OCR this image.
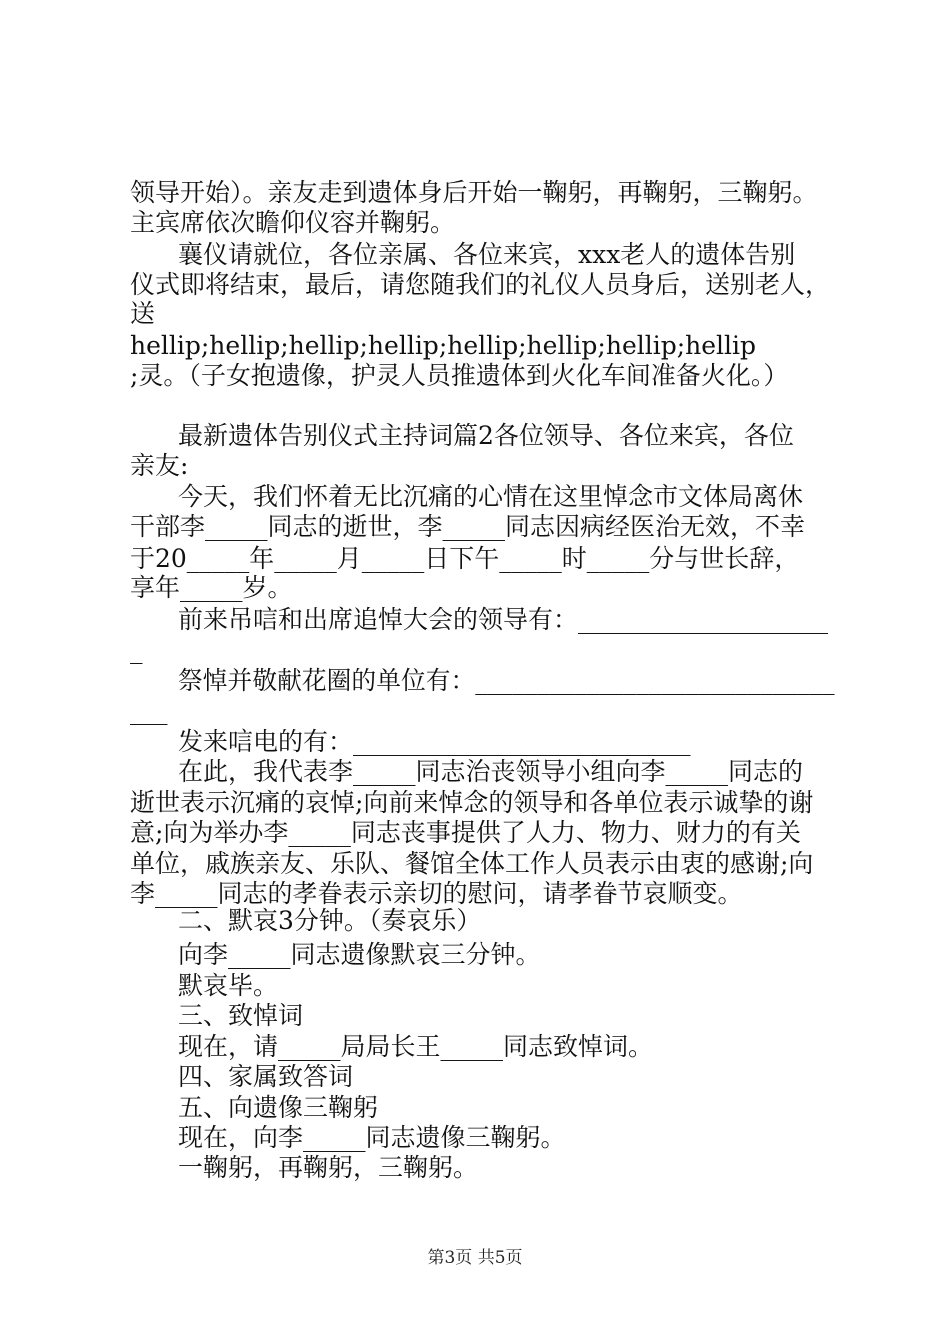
领导开始）。亲友走到遗体身后开始一鞠躬，再鞠躬，三鞠躬。
主宾席依次瞻仰仪容并鞠躬。
襄仪请就位，各位亲属、各位来宾，xxx老人的遗体告别
仪式即将结束，最后，请您随我们的礼仪人员身后，送别老人，
送
hellip;hellip;hellip;hellip;hellip;hellip;hellip;hellip
;灵。（子女抱遗像，护灵人员推遗体到火化车间准备火化。）
最新遗体告别仪式主持词篇2各位领导、各位来宾，各位
亲友:
今天，我们怀着无比沉痛的心情在这里悼念市文体局离休
干部李_____同志的逝世，李_____同志因病经医治无效，不幸
于20_____年_____月_____日下午_____时_____分与世长辞，
享年_____岁。
前来吊唁和出席追悼大会的领导有：____________________
_
祭悼并敬献花圈的单位有：_____________________________
___
发来唁电的有：___________________________
在此，我代表李_____同志治丧领导小组向李_____同志的
逝世表示沉痛的哀悼;向前来悼念的领导和各单位表示诚挚的谢
意;向为举办李_____同志丧事提供了人力、物力、财力的有关
单位，戚族亲友、乐队、餐馆全体工作人员表示由衷的感谢;向
李_____同志的孝眷表示亲切的慰问，请孝眷节哀顺变。
二、默哀3分钟。（奏哀乐）
向李_____同志遗像默哀三分钟。
默哀毕。
三、致悼词
现在，请_____局局长王_____同志致悼词。
四、家属致答词
五、向遗像三鞠躬
现在，向李_____同志遗像三鞠躬。
一鞠躬，再鞠躬，三鞠躬。
第3页 共5页
